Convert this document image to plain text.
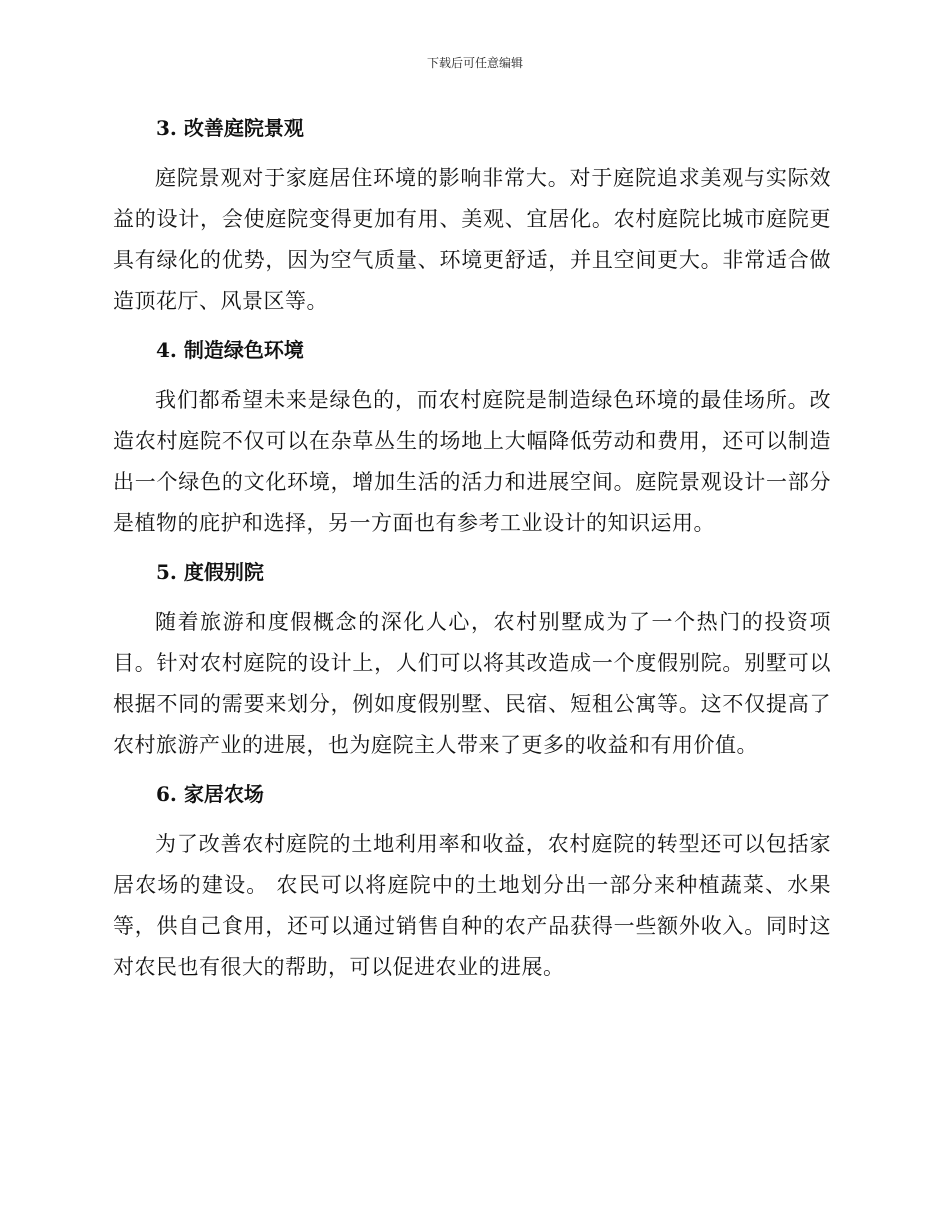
下载后可任意编辑
3. 改善庭院景观

庭院景观对于家庭居住环境的影响非常大。对于庭院追求美观与实际效益的设计，会使庭院变得更加有用、美观、宜居化。农村庭院比城市庭院更具有绿化的优势，因为空气质量、环境更舒适，并且空间更大。非常适合做造顶花厅、风景区等。

4. 制造绿色环境

我们都希望未来是绿色的，而农村庭院是制造绿色环境的最佳场所。改造农村庭院不仅可以在杂草丛生的场地上大幅降低劳动和费用，还可以制造出一个绿色的文化环境，增加生活的活力和进展空间。庭院景观设计一部分是植物的庇护和选择，另一方面也有参考工业设计的知识运用。

5. 度假别院

随着旅游和度假概念的深化人心，农村别墅成为了一个热门的投资项目。针对农村庭院的设计上，人们可以将其改造成一个度假别院。别墅可以根据不同的需要来划分，例如度假别墅、民宿、短租公寓等。这不仅提高了农村旅游产业的进展，也为庭院主人带来了更多的收益和有用价值。

6. 家居农场

为了改善农村庭院的土地利用率和收益，农村庭院的转型还可以包括家居农场的建设。 农民可以将庭院中的土地划分出一部分来种植蔬菜、水果等，供自己食用，还可以通过销售自种的农产品获得一些额外收入。同时这对农民也有很大的帮助，可以促进农业的进展。
